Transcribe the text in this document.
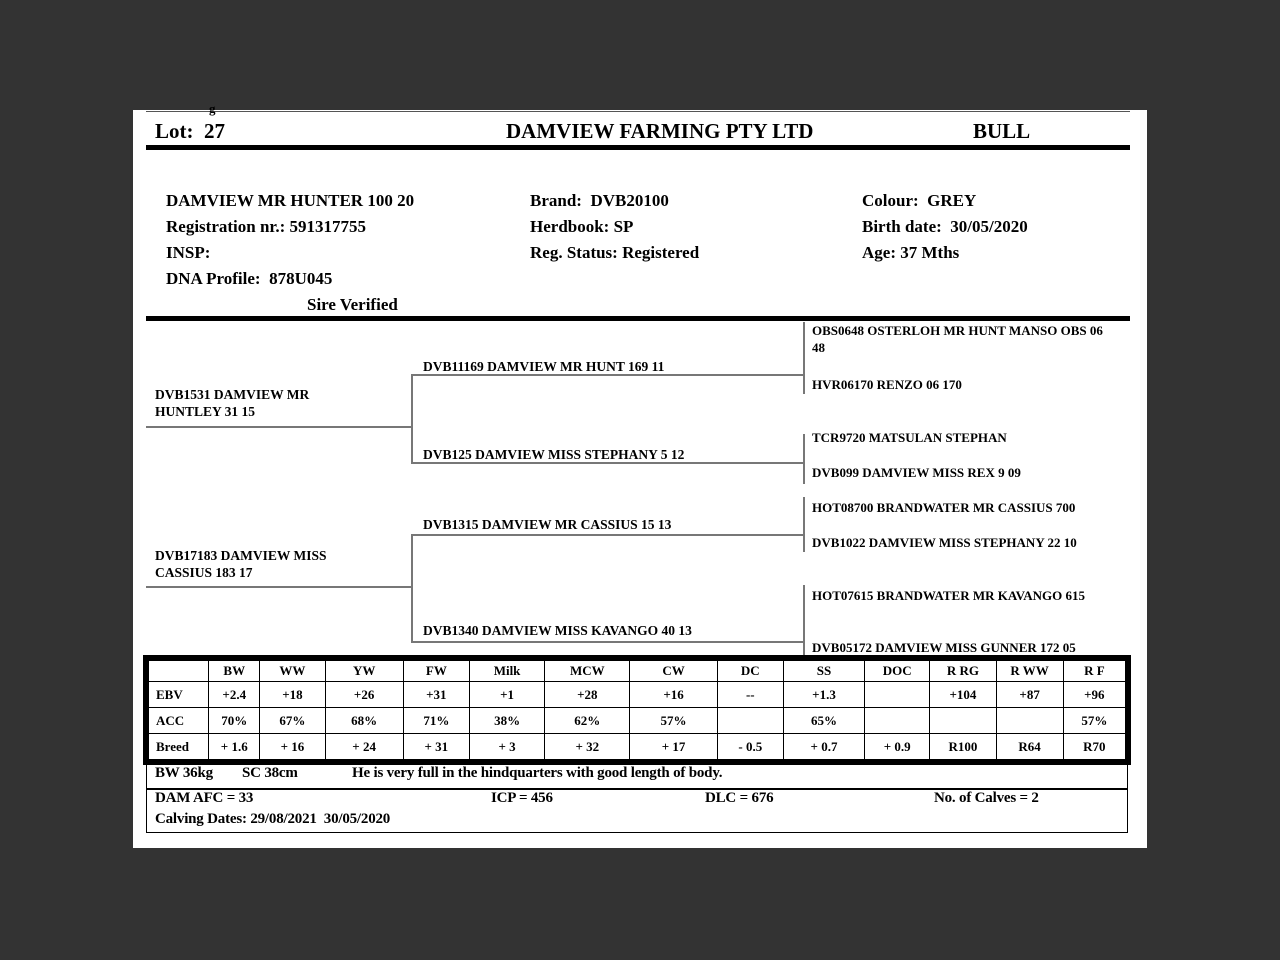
$^g$
Lot:  27	DAMVIEW FARMING PTY LTD	BULL
DAMVIEW MR HUNTER 100 20
Registration nr.: 591317755
INSP:
DNA Profile:  878U045
Sire Verified
Brand:  DVB20100
Herdbook: SP
Reg. Status: Registered
Colour:  GREY
Birth date:  30/05/2020
Age: 37 Mths
DVB1531 DAMVIEW MR HUNTLEY 31 15
DVB17183 DAMVIEW MISS CASSIUS 183 17
DVB11169 DAMVIEW MR HUNT 169 11
DVB125 DAMVIEW MISS STEPHANY 5 12
DVB1315 DAMVIEW MR CASSIUS 15 13
DVB1340 DAMVIEW MISS KAVANGO 40 13
OBS0648 OSTERLOH MR HUNT MANSO OBS 06 48
HVR06170 RENZO 06 170
TCR9720 MATSULAN STEPHAN
DVB099 DAMVIEW MISS REX 9 09
HOT08700 BRANDWATER MR CASSIUS 700
DVB1022 DAMVIEW MISS STEPHANY 22 10
HOT07615 BRANDWATER MR KAVANGO 615
DVB05172 DAMVIEW MISS GUNNER 172 05
	BW	WW	YW	FW	Milk	MCW	CW	DC	SS	DOC	R RG	R WW	R F
EBV	+2.4	+18	+26	+31	+1	+28	+16	--	+1.3		+104	+87	+96
ACC	70%	67%	68%	71%	38%	62%	57%		65%				57%
Breed	+ 1.6	+ 16	+ 24	+ 31	+ 3	+ 32	+ 17	- 0.5	+ 0.7	+ 0.9	R100	R64	R70
BW 36kg SC 38cm	He is very full in the hindquarters with good length of body.
DAM AFC = 33	ICP = 456	DLC = 676	No. of Calves = 2
Calving Dates: 29/08/2021  30/05/2020
